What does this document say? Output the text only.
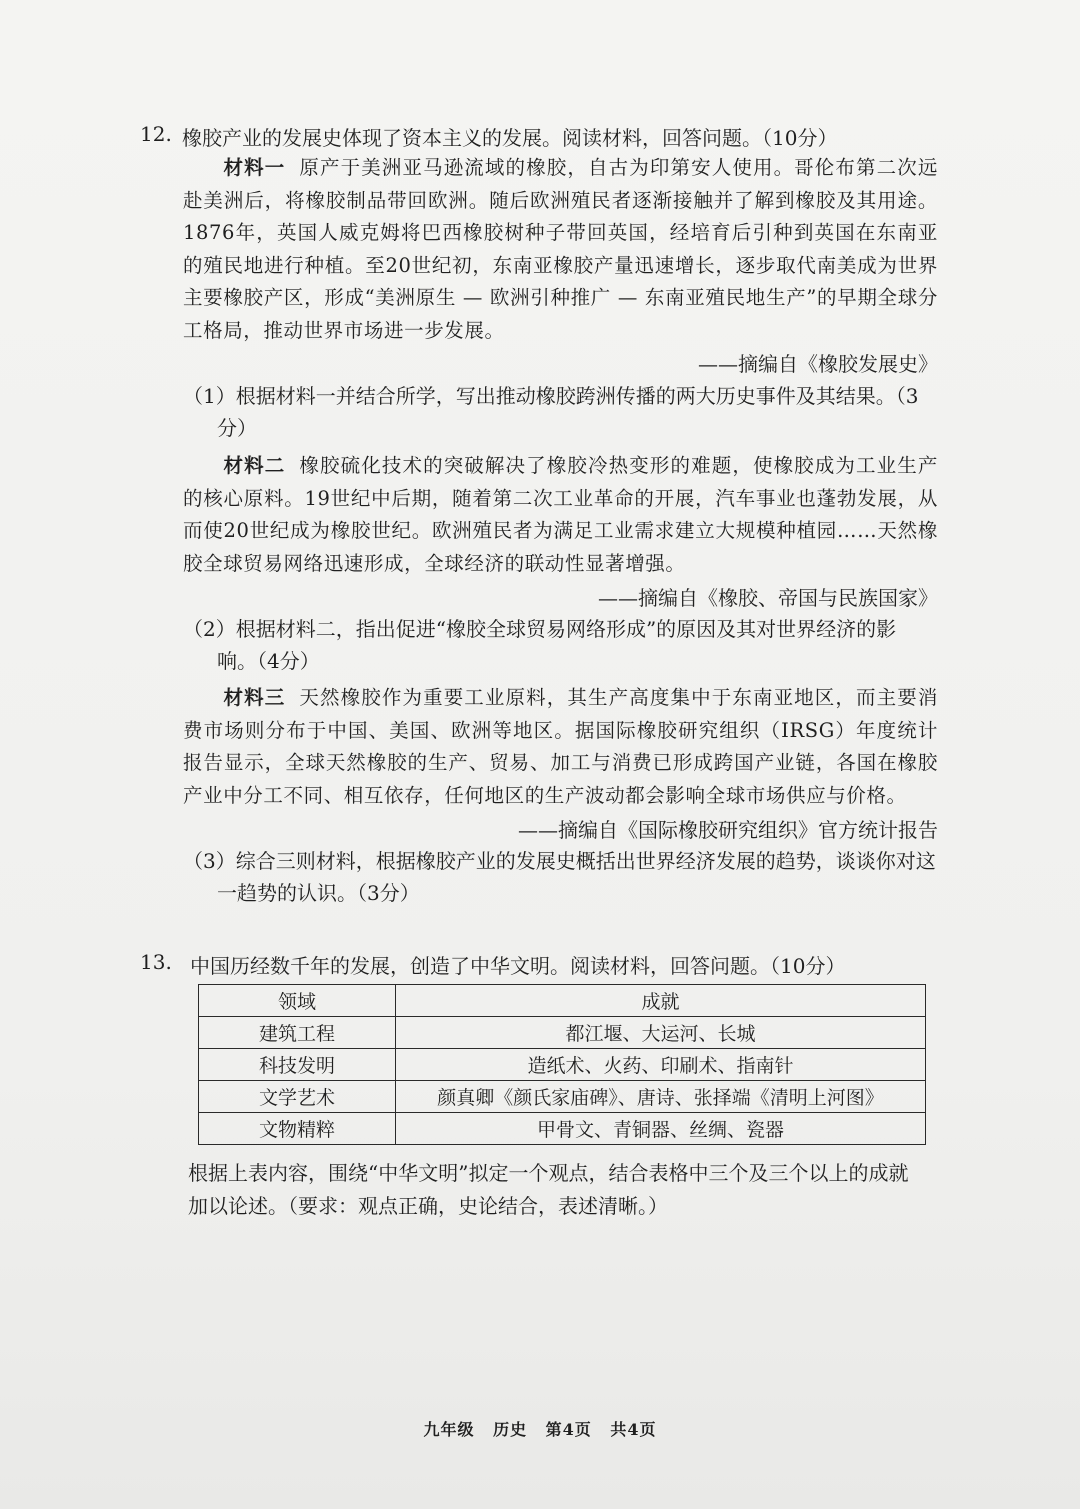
12. 橡胶产业的发展史体现了资本主义的发展。阅读材料，回答问题。（10分）
材料一 原产于美洲亚马逊流域的橡胶，自古为印第安人使用。哥伦布第二次远赴美洲后，将橡胶制品带回欧洲。随后欧洲殖民者逐渐接触并了解到橡胶及其用途。1876年，英国人威克姆将巴西橡胶树种子带回英国，经培育后引种到英国在东南亚的殖民地进行种植。至20世纪初，东南亚橡胶产量迅速增长，逐步取代南美成为世界主要橡胶产区，形成“美洲原生 — 欧洲引种推广 — 东南亚殖民地生产”的早期全球分工格局，推动世界市场进一步发展。
——摘编自《橡胶发展史》
（1）根据材料一并结合所学，写出推动橡胶跨洲传播的两大历史事件及其结果。（3
分）
材料二 橡胶硫化技术的突破解决了橡胶冷热变形的难题，使橡胶成为工业生产的核心原料。19世纪中后期，随着第二次工业革命的开展，汽车事业也蓬勃发展，从而使20世纪成为橡胶世纪。欧洲殖民者为满足工业需求建立大规模种植园……天然橡胶全球贸易网络迅速形成，全球经济的联动性显著增强。
——摘编自《橡胶、帝国与民族国家》
（2）根据材料二，指出促进“橡胶全球贸易网络形成”的原因及其对世界经济的影
响。（4分）
材料三 天然橡胶作为重要工业原料，其生产高度集中于东南亚地区，而主要消费市场则分布于中国、美国、欧洲等地区。据国际橡胶研究组织（IRSG）年度统计报告显示，全球天然橡胶的生产、贸易、加工与消费已形成跨国产业链，各国在橡胶产业中分工不同、相互依存，任何地区的生产波动都会影响全球市场供应与价格。
——摘编自《国际橡胶研究组织》官方统计报告
（3）综合三则材料，根据橡胶产业的发展史概括出世界经济发展的趋势，谈谈你对这
一趋势的认识。（3分）
13. 中国历经数千年的发展，创造了中华文明。阅读材料，回答问题。（10分）
领域	成就
建筑工程	都江堰、大运河、长城
科技发明	造纸术、火药、印刷术、指南针
文学艺术	颜真卿《颜氏家庙碑》、唐诗、张择端《清明上河图》
文物精粹	甲骨文、青铜器、丝绸、瓷器
根据上表内容，围绕“中华文明”拟定一个观点，结合表格中三个及三个以上的成就
加以论述。（要求：观点正确，史论结合，表述清晰。）
九年级 历史 第4页 共4页
